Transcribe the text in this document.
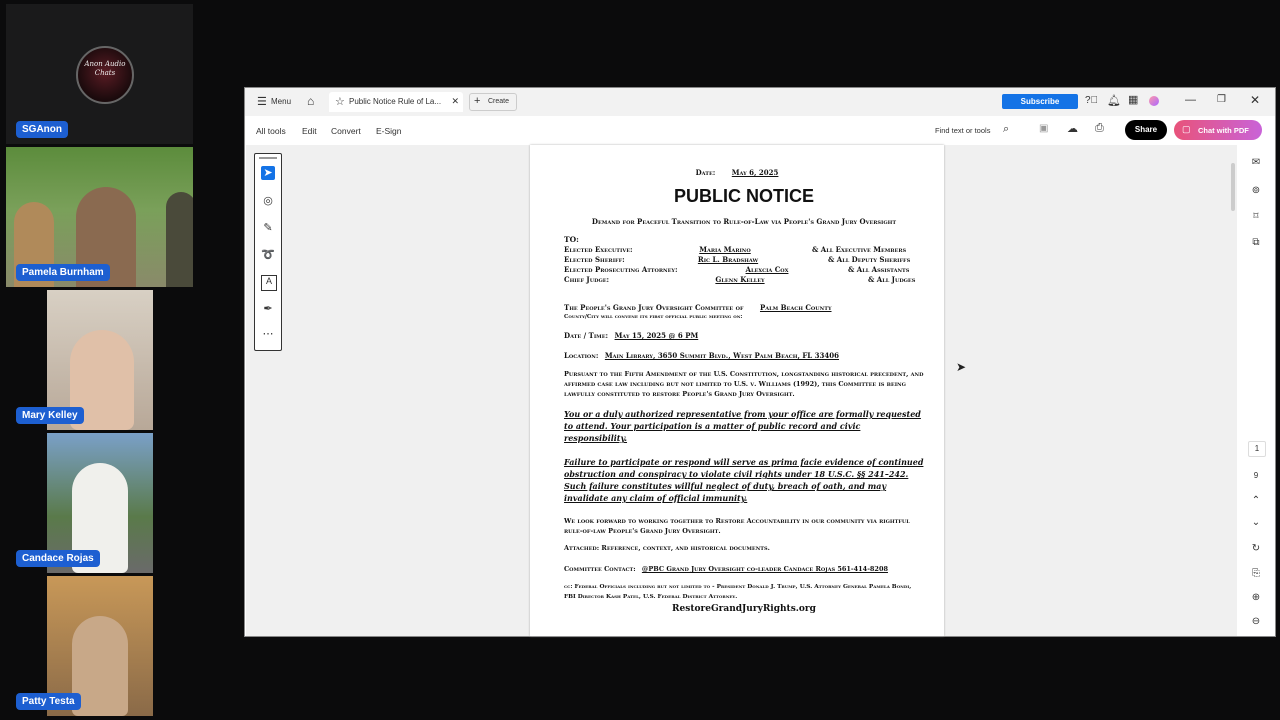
Anon Audio Chats
SGAnon
Pamela Burnham
Mary Kelley
Candace Rojas
Patty Testa
☰ Menu ⌂ ☆ Public Notice Rule of La... ✕ + Create	Subscribe	?⃝ 🔔︎ ▦	— ❐ ✕
All tools Edit Convert E-Sign	Find text or tools ⌕	▣ ☁︎ ⎙	Share	▢ Chat with PDF
➤
◎
✎
➰
A
✒
⋯
Date: May 6, 2025
PUBLIC NOTICE
Demand for Peaceful Transition to Rule-of-Law via People's Grand Jury Oversight
TO:
Elected Executive:	Maria Marino	& All Executive Members
Elected Sheriff:	Ric L. Bradshaw	& All Deputy Sheriffs
Elected Prosecuting Attorney:	Alexcia Cox	& All Assistants
Chief Judge:	Glenn Kelley	& All Judges
The People's Grand Jury Oversight Committee of Palm Beach County
County/City will convene its first official public meeting on:
Date / Time: May 15, 2025 @ 6 PM
Location: Main Library, 3650 Summit Blvd., West Palm Beach, FL 33406
Pursuant to the Fifth Amendment of the U.S. Constitution, longstanding historical precedent, and affirmed case law including but not limited to U.S. v. Williams (1992), this Committee is being lawfully constituted to restore People's Grand Jury Oversight.
You or a duly authorized representative from your office are formally requested to attend. Your participation is a matter of public record and civic responsibility.
Failure to participate or respond will serve as prima facie evidence of continued obstruction and conspiracy to violate civil rights under 18 U.S.C. §§ 241–242. Such failure constitutes willful neglect of duty, breach of oath, and may invalidate any claim of official immunity.
We look forward to working together to Restore Accountability in our community via rightful rule-of-law People's Grand Jury Oversight.
Attached: Reference, context, and historical documents.
Committee Contact: @PBC Grand Jury Oversight co-leader Candace Rojas 561-414-8208
cc: Federal Officials including but not limited to - President Donald J. Trump, U.S. Attorney General Pamela Bondi, FBI Director Kash Patel, U.S. Federal District Attorney.
RestoreGrandJuryRights.org
➤
✉
⊚
⌑
⧉
1
9
⌃
⌄
↻
⎘
⊕
⊖
